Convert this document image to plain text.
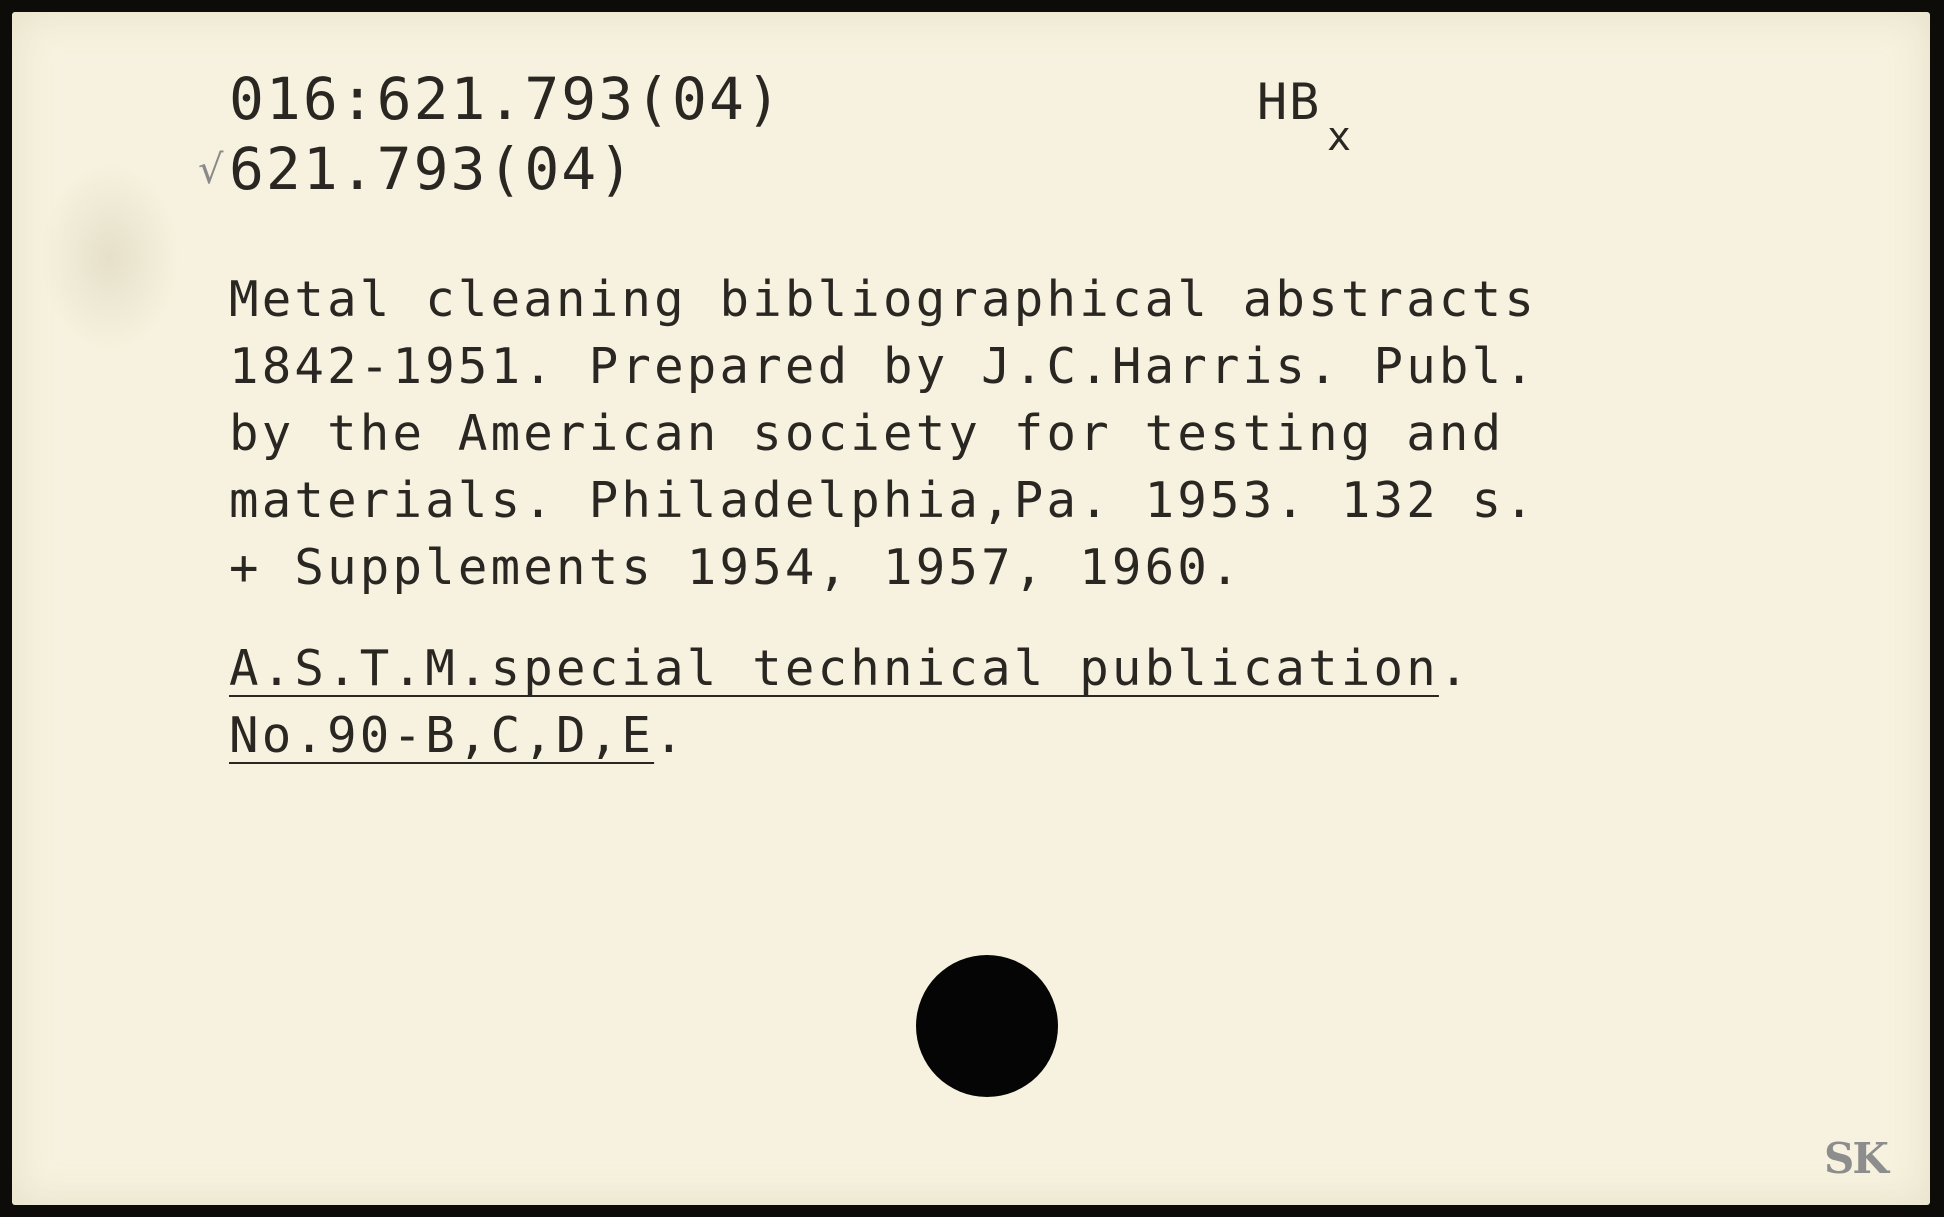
016:621.793(04)
√ 621.793(04)
HB
x
Metal cleaning bibliographical abstracts
1842-1951. Prepared by J.C.Harris. Publ.
by the American society for testing and
materials. Philadelphia,Pa. 1953. 132 s.
+ Supplements 1954, 1957, 1960.
A.S.T.M.special technical publication.
No.90-B,C,D,E.
SK
